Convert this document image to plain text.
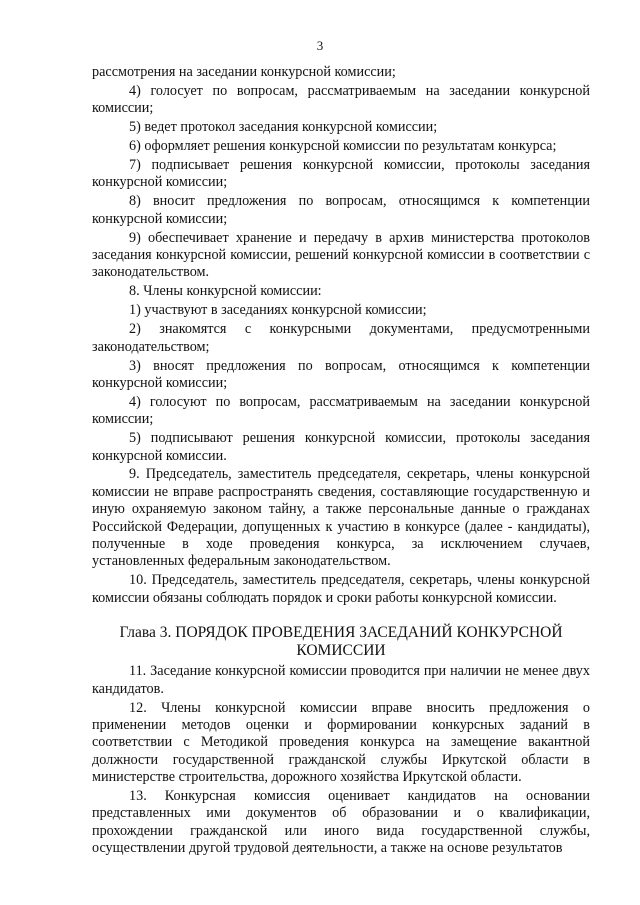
3

рассмотрения на заседании конкурсной комиссии;

4) голосует по вопросам, рассматриваемым на заседании конкурсной комиссии;

5) ведет протокол заседания конкурсной комиссии;

6) оформляет решения конкурсной комиссии по результатам конкурса;

7) подписывает решения конкурсной комиссии, протоколы заседания конкурсной комиссии;

8) вносит предложения по вопросам, относящимся к компетенции конкурсной комиссии;

9) обеспечивает хранение и передачу в архив министерства протоколов заседания конкурсной комиссии, решений конкурсной комиссии в соответствии с законодательством.

8. Члены конкурсной комиссии:

1) участвуют в заседаниях конкурсной комиссии;

2) знакомятся с конкурсными документами, предусмотренными законодательством;

3) вносят предложения по вопросам, относящимся к компетенции конкурсной комиссии;

4) голосуют по вопросам, рассматриваемым на заседании конкурсной комиссии;

5) подписывают решения конкурсной комиссии, протоколы заседания конкурсной комиссии.

9. Председатель, заместитель председателя, секретарь, члены конкурсной комиссии не вправе распространять сведения, составляющие государственную и иную охраняемую законом тайну, а также персональные данные о гражданах Российской Федерации, допущенных к участию в конкурсе (далее - кандидаты), полученные в ходе проведения конкурса, за исключением случаев, установленных федеральным законодательством.

10. Председатель, заместитель председателя, секретарь, члены конкурсной комиссии обязаны соблюдать порядок и сроки работы конкурсной комиссии.

Глава 3. ПОРЯДОК ПРОВЕДЕНИЯ ЗАСЕДАНИЙ КОНКУРСНОЙ
КОМИССИИ

11. Заседание конкурсной комиссии проводится при наличии не менее двух кандидатов.

12. Члены конкурсной комиссии вправе вносить предложения о применении методов оценки и формировании конкурсных заданий в соответствии с Методикой проведения конкурса на замещение вакантной должности государственной гражданской службы Иркутской области в министерстве строительства, дорожного хозяйства Иркутской области.

13. Конкурсная комиссия оценивает кандидатов на основании представленных ими документов об образовании и о квалификации, прохождении гражданской или иного вида государственной службы, осуществлении другой трудовой деятельности, а также на основе результатов
